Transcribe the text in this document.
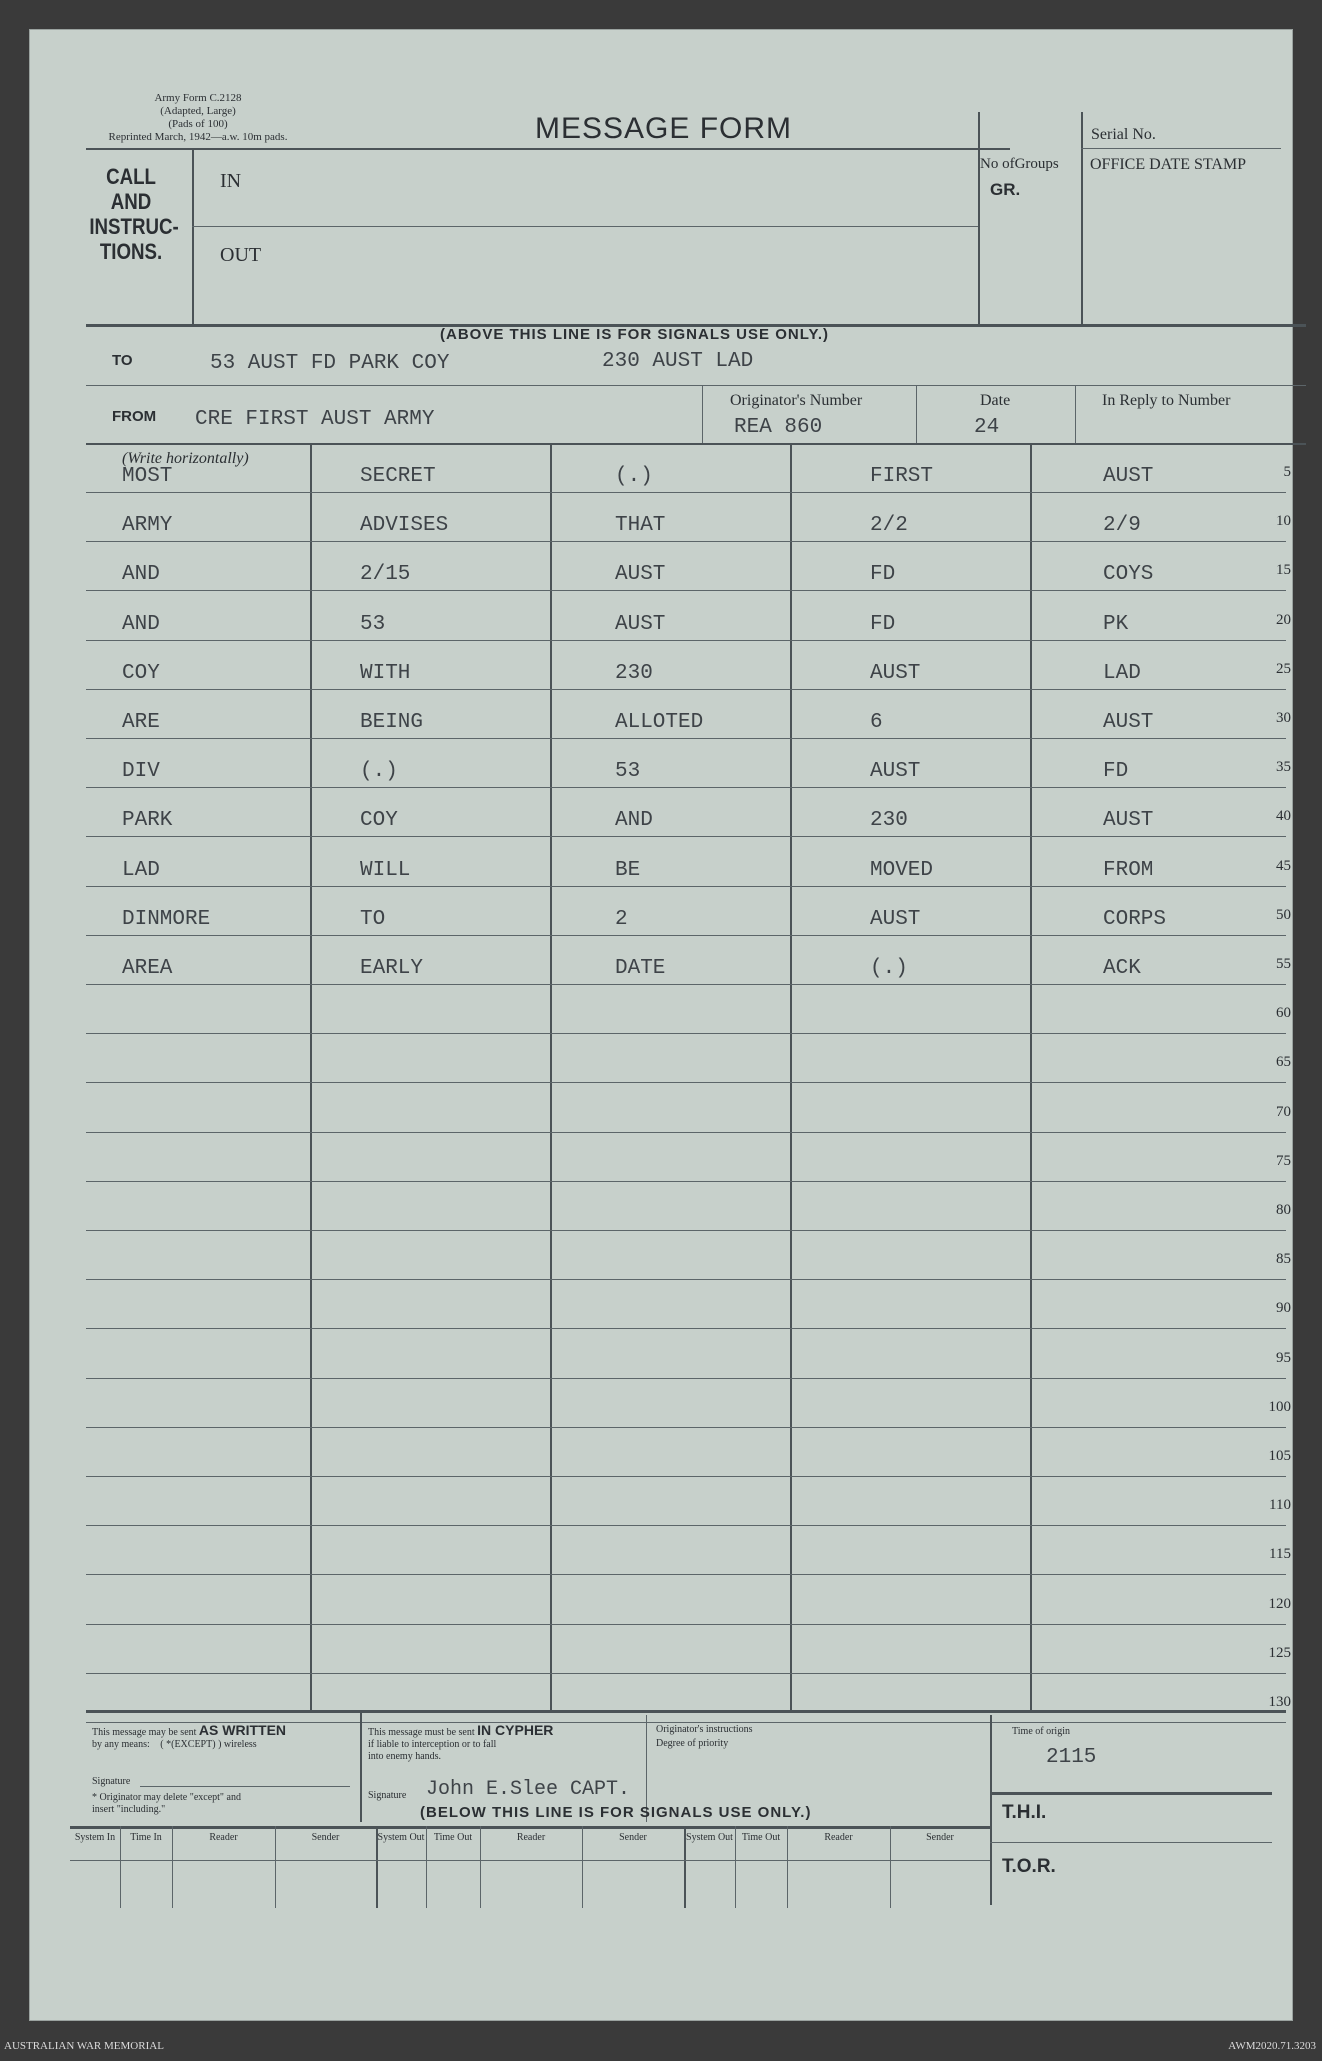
Army Form C.2128
(Adapted, Large)
(Pads of 100)
Reprinted March, 1942—a.w. 10m pads.	MESSAGE FORM	Serial No.
No ofGroups
GR.
OFFICE DATE STAMP
CALL
AND
INSTRUC-
TIONS.
IN
OUT
(ABOVE THIS LINE IS FOR SIGNALS USE ONLY.)
TO	53 AUST FD PARK COY	230 AUST LAD
FROM CRE FIRST AUST ARMY
Originator's Number
REA 860
Date
24
In Reply to Number
(Write horizontally)
5
10
15
20
25
30
35
40
45
50
55
60
65
70
75
80
85
90
95
100
105
110
115
120
125
130
MOST	SECRET	(.)	FIRST	AUST
ARMY	ADVISES	THAT	2/2	2/9
AND	2/15	AUST	FD	COYS
AND	53	AUST	FD	PK
COY	WITH	230	AUST	LAD
ARE	BEING	ALLOTED	6	AUST
DIV	(.)	53	AUST	FD
PARK	COY	AND	230	AUST
LAD	WILL	BE	MOVED	FROM
DINMORE	TO	2	AUST	CORPS
AREA	EARLY	DATE	(.)	ACK
This message may be sent AS WRITTEN
by any means: ( *(EXCEPT) ) wireless
Signature
* Originator may delete "except" and
insert "including."
This message must be sent IN CYPHER
if liable to interception or to fall
into enemy hands.
Signature John E.Slee CAPT.
Originator's instructions
Degree of priority
Time of origin
2115
T.H.I.
T.O.R.
(BELOW THIS LINE IS FOR SIGNALS USE ONLY.)
System In	Time In	Reader	Sender	System Out Time Out	Reader	Sender	System Out Time Out	Reader	Sender
AUSTRALIAN WAR MEMORIAL	AWM2020.71.3203
